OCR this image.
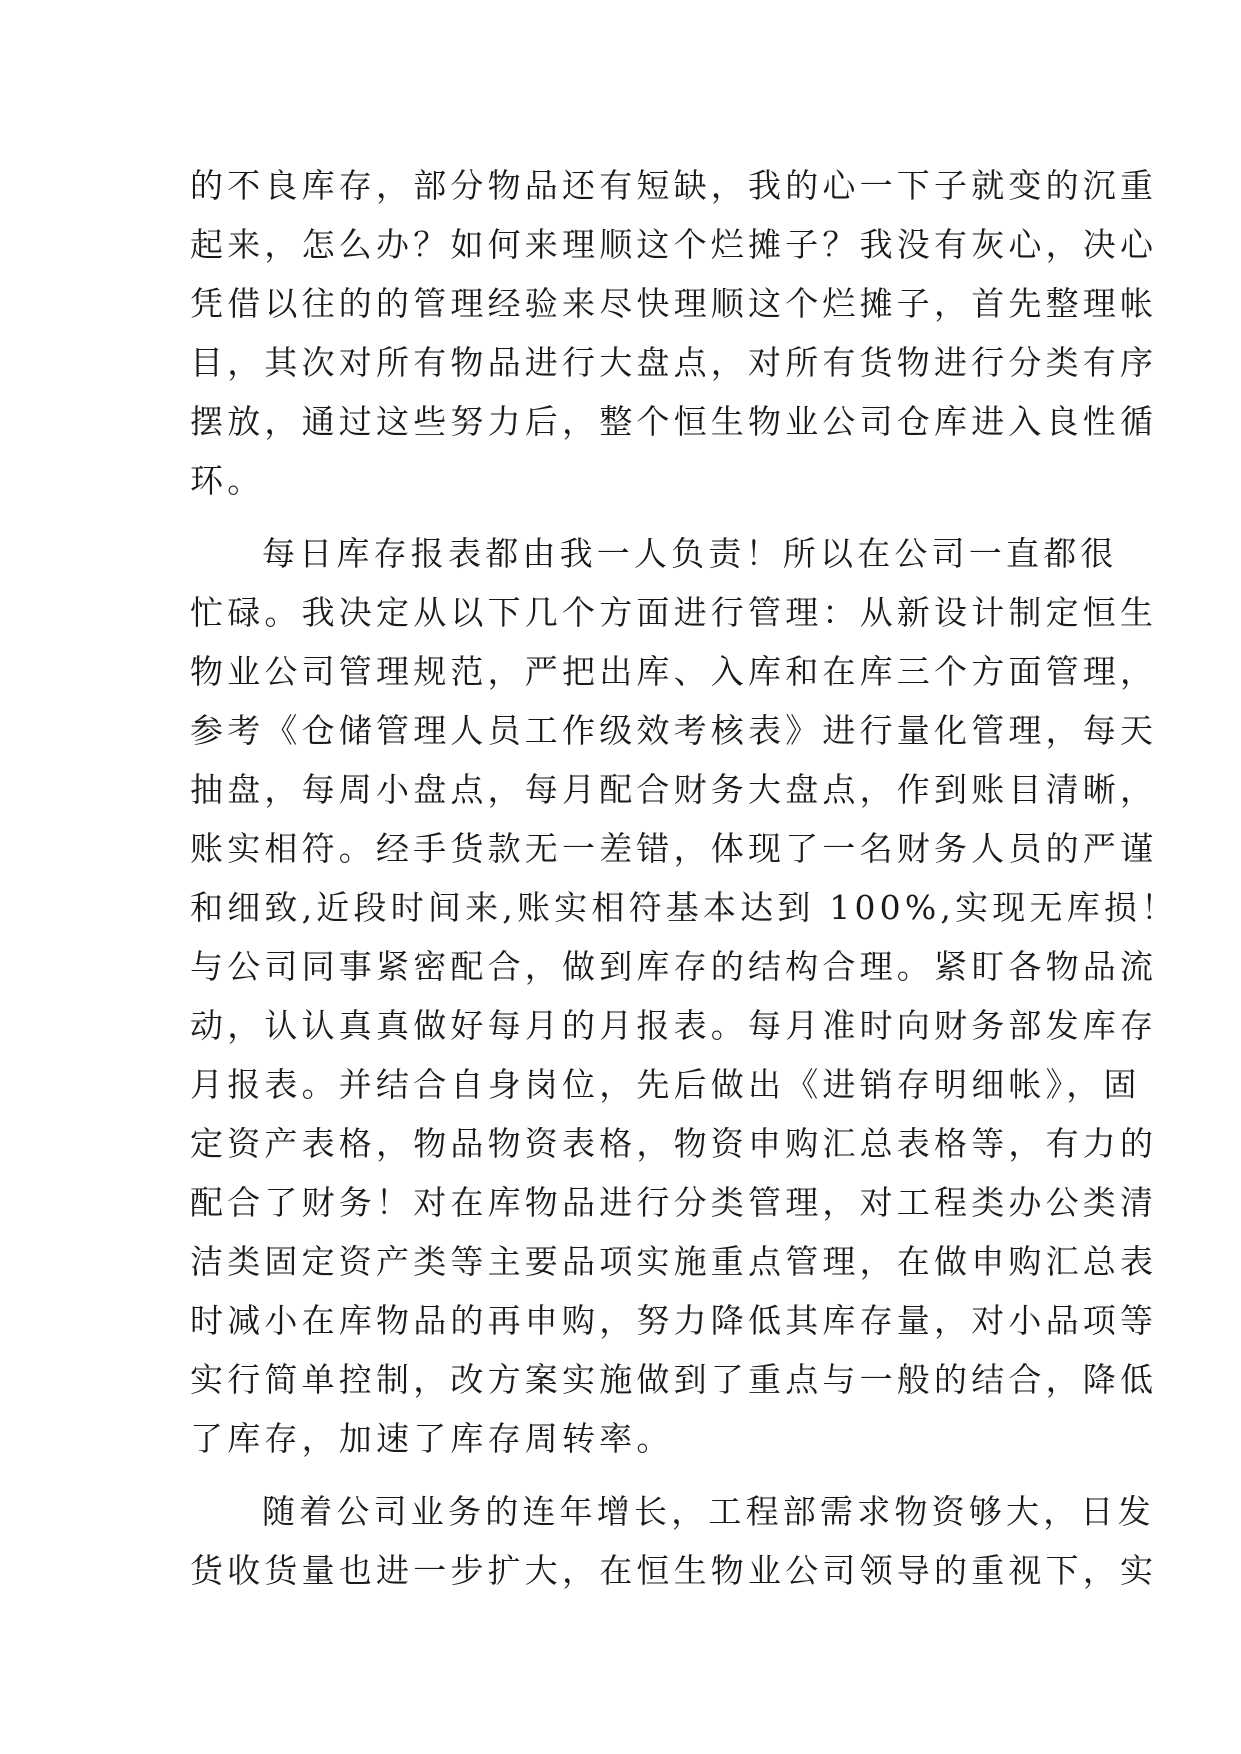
的不良库存，部分物品还有短缺，我的心一下子就变的沉重
起来，怎么办？如何来理顺这个烂摊子？我没有灰心，决心
凭借以往的的管理经验来尽快理顺这个烂摊子，首先整理帐
目，其次对所有物品进行大盘点，对所有货物进行分类有序
摆放，通过这些努力后，整个恒生物业公司仓库进入良性循
环。
每日库存报表都由我一人负责！所以在公司一直都很
忙碌。我决定从以下几个方面进行管理：从新设计制定恒生
物业公司管理规范，严把出库、入库和在库三个方面管理，
参考《仓储管理人员工作级效考核表》进行量化管理，每天
抽盘，每周小盘点，每月配合财务大盘点，作到账目清晰，
账实相符。经手货款无一差错，体现了一名财务人员的严谨
和细致,近段时间来,账实相符基本达到 100%,实现无库损！
与公司同事紧密配合，做到库存的结构合理。紧盯各物品流
动，认认真真做好每月的月报表。每月准时向财务部发库存
月报表。并结合自身岗位，先后做出《进销存明细帐》，固
定资产表格，物品物资表格，物资申购汇总表格等，有力的
配合了财务！对在库物品进行分类管理，对工程类办公类清
洁类固定资产类等主要品项实施重点管理，在做申购汇总表
时减小在库物品的再申购，努力降低其库存量，对小品项等
实行简单控制，改方案实施做到了重点与一般的结合，降低
了库存，加速了库存周转率。
随着公司业务的连年增长，工程部需求物资够大，日发
货收货量也进一步扩大，在恒生物业公司领导的重视下，实
